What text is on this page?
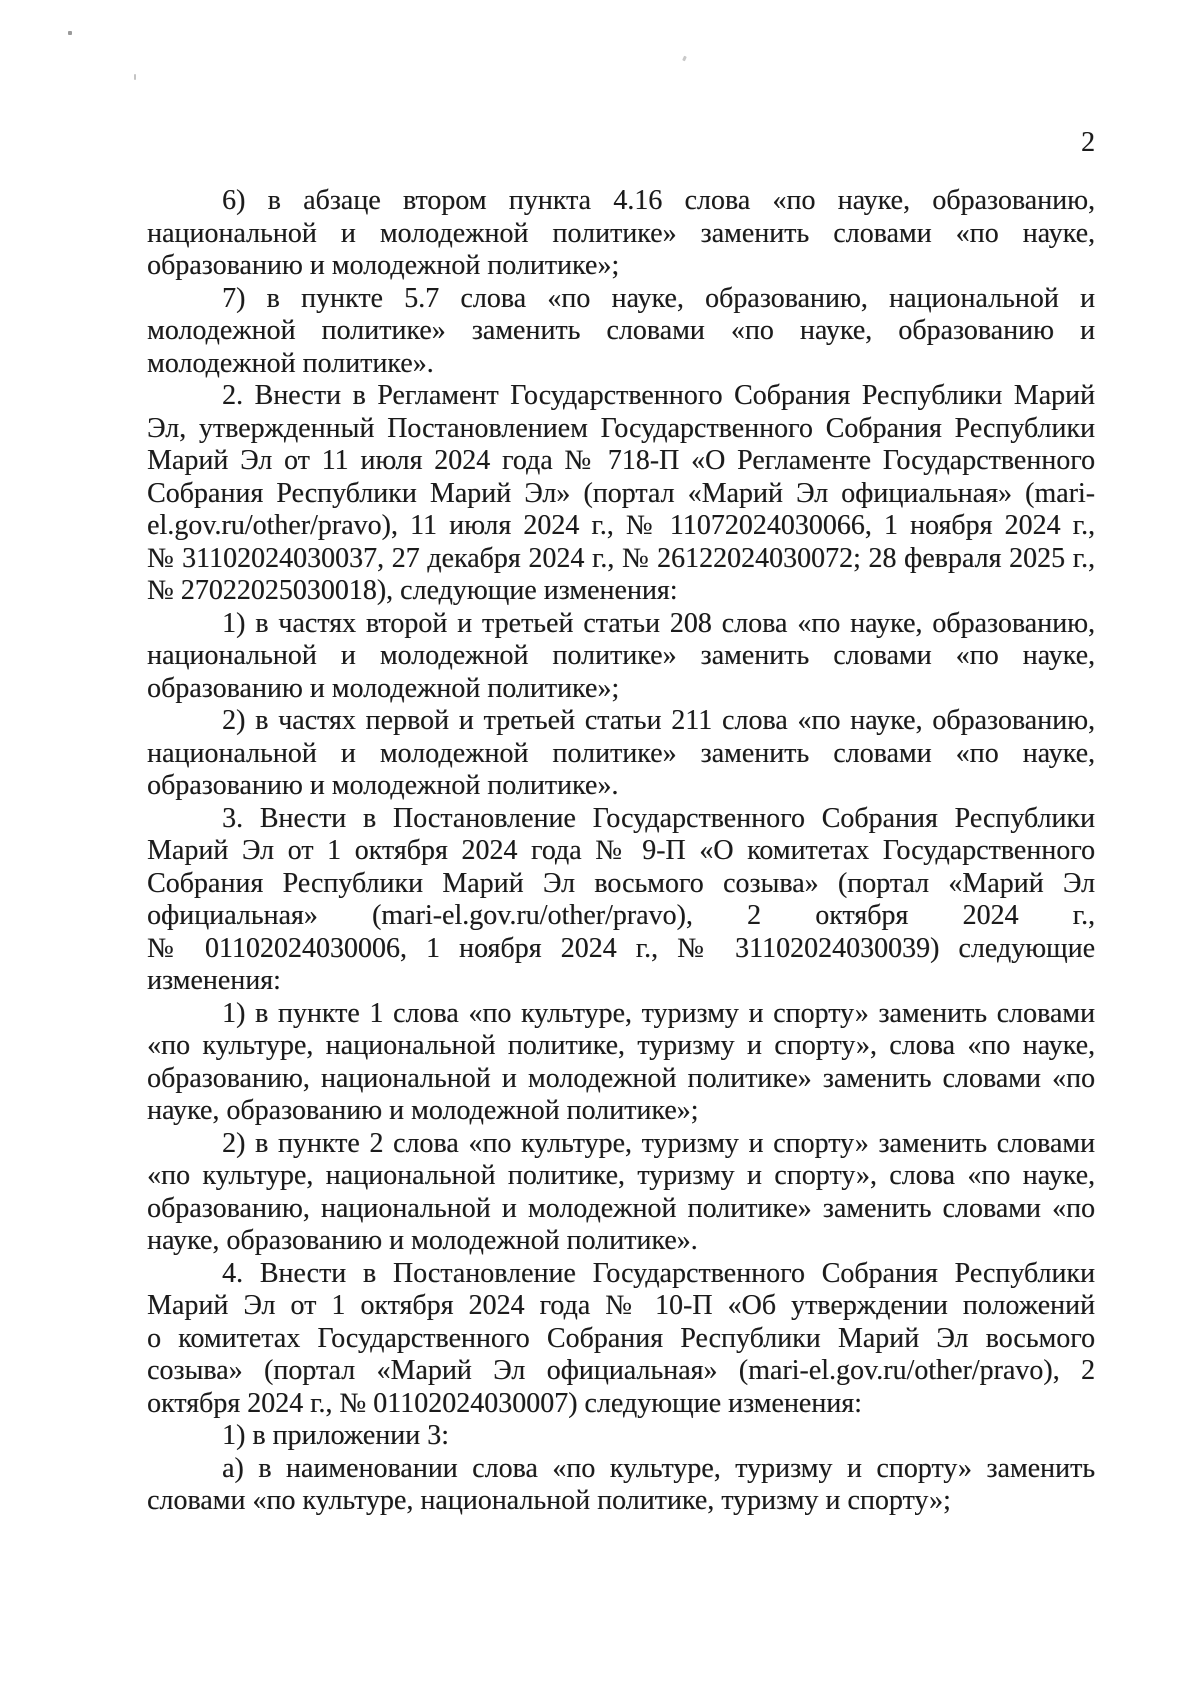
2

6) в абзаце втором пункта 4.16 слова «по науке, образованию, национальной и молодежной политике» заменить словами «по науке, образованию и молодежной политике»;

7) в пункте 5.7 слова «по науке, образованию, национальной и молодежной политике» заменить словами «по науке, образованию и молодежной политике».

2. Внести в Регламент Государственного Собрания Республики Марий Эл, утвержденный Постановлением Государственного Собрания Республики Марий Эл от 11 июля 2024 года № 718-П «О Регламенте Государственного Собрания Республики Марий Эл» (портал «Марий Эл официальная» (mari-el.gov.ru/other/pravo), 11 июля 2024 г., № 11072024030066, 1 ноября 2024 г., № 31102024030037, 27 декабря 2024 г., № 26122024030072; 28 февраля 2025 г., № 27022025030018), следующие изменения:

1) в частях второй и третьей статьи 208 слова «по науке, образованию, национальной и молодежной политике» заменить словами «по науке, образованию и молодежной политике»;

2) в частях первой и третьей статьи 211 слова «по науке, образованию, национальной и молодежной политике» заменить словами «по науке, образованию и молодежной политике».

3. Внести в Постановление Государственного Собрания Республики Марий Эл от 1 октября 2024 года № 9-П «О комитетах Государственного Собрания Республики Марий Эл восьмого созыва» (портал «Марий Эл официальная» (mari-el.gov.ru/other/pravo), 2 октября 2024 г., № 01102024030006, 1 ноября 2024 г., № 31102024030039) следующие изменения:

1) в пункте 1 слова «по культуре, туризму и спорту» заменить словами «по культуре, национальной политике, туризму и спорту», слова «по науке, образованию, национальной и молодежной политике» заменить словами «по науке, образованию и молодежной политике»;

2) в пункте 2 слова «по культуре, туризму и спорту» заменить словами «по культуре, национальной политике, туризму и спорту», слова «по науке, образованию, национальной и молодежной политике» заменить словами «по науке, образованию и молодежной политике».

4. Внести в Постановление Государственного Собрания Республики Марий Эл от 1 октября 2024 года № 10-П «Об утверждении положений о комитетах Государственного Собрания Республики Марий Эл восьмого созыва» (портал «Марий Эл официальная» (mari-el.gov.ru/other/pravo), 2 октября 2024 г., № 01102024030007) следующие изменения:

1) в приложении 3:

а) в наименовании слова «по культуре, туризму и спорту» заменить словами «по культуре, национальной политике, туризму и спорту»;
